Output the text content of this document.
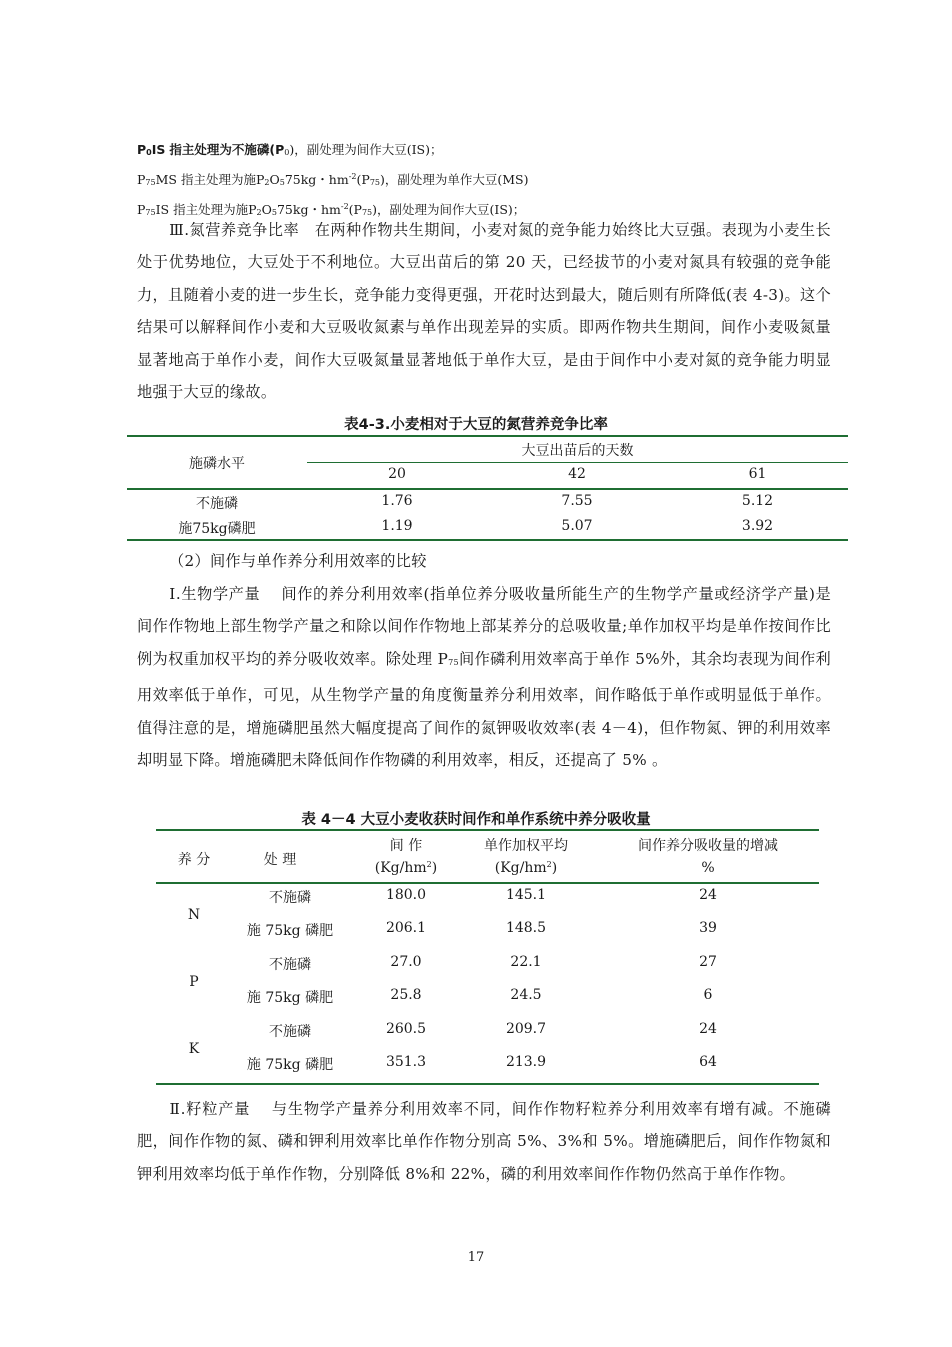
$P_0IS$ 指主处理为不施磷$(P_0)$，副处理为间作大豆(IS)；
$P_{75}MS$ 指主处理为施$P_2O_575kg$・$hm^{-2}(P_{75})$，副处理为单作大豆(MS)
$P_{75}IS$ 指主处理为施$P_2O_575kg$・$hm^{-2}(P_{75})$，副处理为间作大豆(IS)；
Ⅲ.氮营养竞争比率　在两种作物共生期间，小麦对氮的竞争能力始终比大豆强。表现为小麦生长处于优势地位，大豆处于不利地位。大豆出苗后的第 20 天，已经拔节的小麦对氮具有较强的竞争能力，且随着小麦的进一步生长，竞争能力变得更强，开花时达到最大，随后则有所降低(表 4-3)。这个结果可以解释间作小麦和大豆吸收氮素与单作出现差异的实质。即两作物共生期间，间作小麦吸氮量显著地高于单作小麦，间作大豆吸氮量显著地低于单作大豆，是由于间作中小麦对氮的竞争能力明显地强于大豆的缘故。
表4-3.小麦相对于大豆的氮营养竞争比率
施磷水平
大豆出苗后的天数
20	42	61
不施磷	1.76	7.55	5.12
施75kg磷肥	1.19	5.07	3.92
（2）间作与单作养分利用效率的比较
Ⅰ.生物学产量　 间作的养分利用效率(指单位养分吸收量所能生产的生物学产量或经济学产量)是间作作物地上部生物学产量之和除以间作作物地上部某养分的总吸收量;单作加权平均是单作按间作比例为权重加权平均的养分吸收效率。除处理 $P_{75}$间作磷利用效率高于单作 5%外，其余均表现为间作利用效率低于单作，可见，从生物学产量的角度衡量养分利用效率，间作略低于单作或明显低于单作。值得注意的是，增施磷肥虽然大幅度提高了间作的氮钾吸收效率(表 4－4)，但作物氮、钾的利用效率却明显下降。增施磷肥未降低间作作物磷的利用效率，相反，还提高了 5% 。
表 4－4 大豆小麦收获时间作和单作系统中养分吸收量
养 分	处 理
间 作	单作加权平均	间作养分吸收量的增减
$(Kg/hm^2)$	$(Kg/hm^2)$	%
N
不施磷	180.0	145.1	24
施 75kg 磷肥	206.1	148.5	39
P
不施磷	27.0	22.1	27
施 75kg 磷肥	25.8	24.5	6
K
不施磷	260.5	209.7	24
施 75kg 磷肥	351.3	213.9	64
Ⅱ.籽粒产量　 与生物学产量养分利用效率不同，间作作物籽粒养分利用效率有增有减。不施磷肥，间作作物的氮、磷和钾利用效率比单作作物分别高 5%、3%和 5%。增施磷肥后，间作作物氮和钾利用效率均低于单作作物，分别降低 8%和 22%，磷的利用效率间作作物仍然高于单作作物。
17
